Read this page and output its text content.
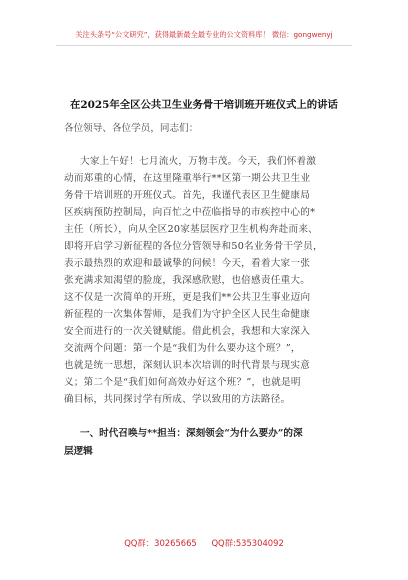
关注头条号“公文研究”，获得最新最全最专业的公文资料库！ 微信：gongwenyj
在2025年全区公共卫生业务骨干培训班开班仪式上的讲话
各位领导、各位学员，同志们：
大家上午好！七月流火，万物丰茂。今天，我们怀着激
动而郑重的心情，在这里隆重举行**区第一期公共卫生业
务骨干培训班的开班仪式。首先，我谨代表区卫生健康局
区疾病预防控制局，向百忙之中莅临指导的市疾控中心的*
主任（所长），向从全区20家基层医疗卫生机构奔赴而来、
即将开启学习新征程的各位分管领导和50名业务骨干学员，
表示最热烈的欢迎和最诚挚的问候！今天，看着大家一张
张充满求知渴望的脸庞，我深感欣慰，也倍感责任重大。
这不仅是一次简单的开班，更是我们**公共卫生事业迈向
新征程的一次集体誓师，是我们为守护全区人民生命健康
安全而进行的一次关键赋能。借此机会，我想和大家深入
交流两个问题：第一个是“我们为什么要办这个班？”，
也就是统一思想，深刻认识本次培训的时代背景与现实意
义；第二个是“我们如何高效办好这个班？”，也就是明
确目标，共同探讨学有所成、学以致用的方法路径。
一、时代召唤与**担当：深刻领会“为什么要办”的深
层逻辑
QQ群：30265665 QQ群:535304092
